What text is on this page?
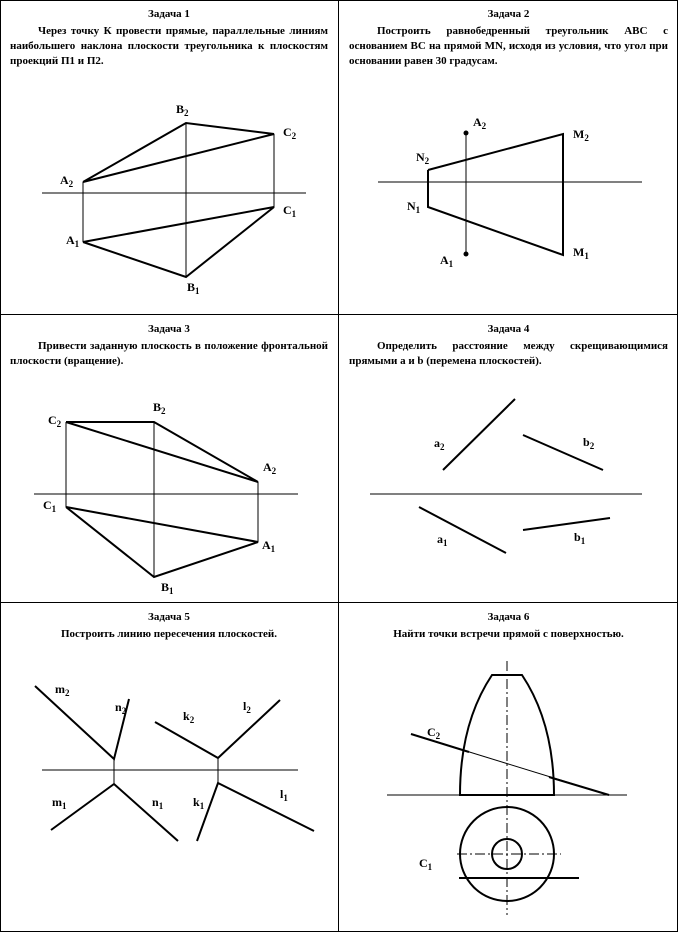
Задача 1
Через точку К провести прямые, параллельные линиям наибольшего наклона плоскости треугольника к плоскостям проекций П1 и П2.
$B_2$
$C_2$
$A_2$
$C_1$
$A_1$
$B_1$
Задача 2
Построить равнобедренный треугольник АВС с основанием ВС на прямой MN, исходя из условия, что угол при основании равен 30 градусам.
$A_2$
$N_2$
$M_2$
$N_1$
$A_1$
$M_1$
Задача 3
Привести заданную плоскость в положение фронтальной плоскости (вращение).
$C_2$
$B_2$
$A_2$
$C_1$
$A_1$
$B_1$
Задача 4
Определить расстояние между скрещивающимися прямыми a и b (перемена плоскостей).
$a_2$	$b_2$
$a_1$	$b_1$
Задача 5
Построить линию пересечения плоскостей.
$m_2$
$n_2$	$k_2$
$l_2$
$m_1$	$n_1$ $k_1$
$l_1$
Задача 6
Найти точки встречи прямой с поверхностью.
$C_2$
$C_1$
